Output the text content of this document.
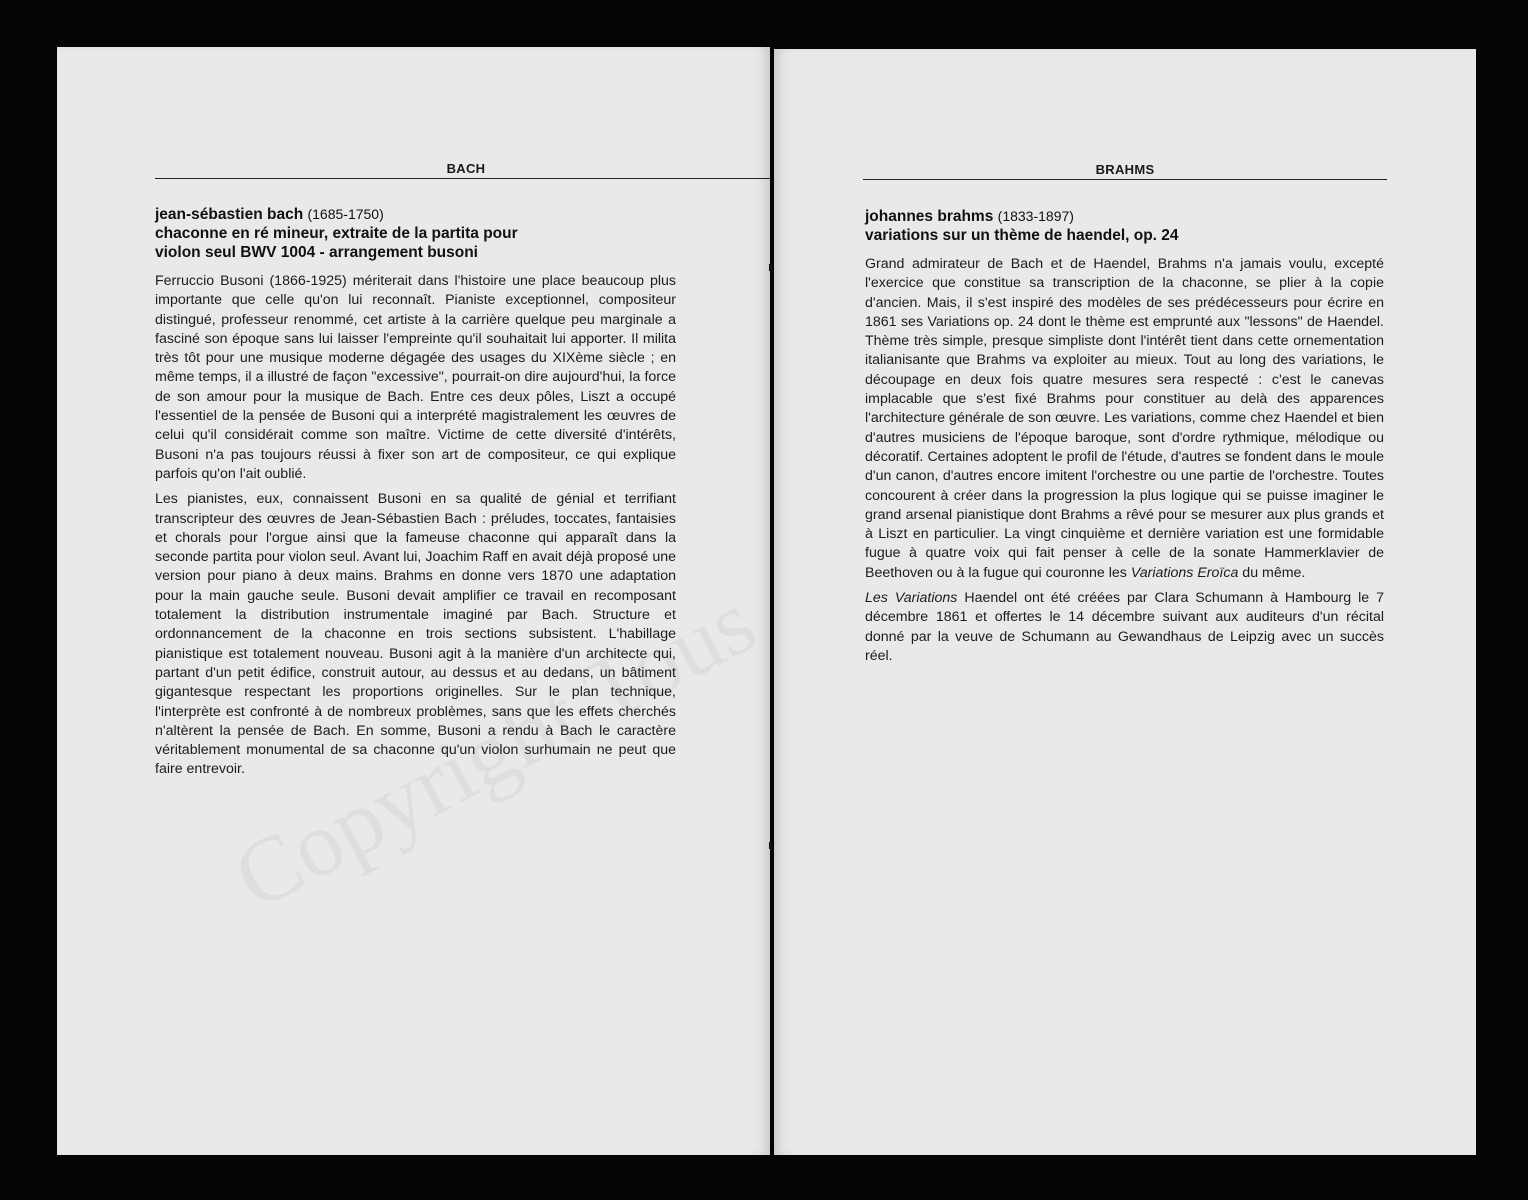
BACH
jean-sébastien bach (1685-1750)
chaconne en ré mineur, extraite de la partita pour
violon seul BWV 1004 - arrangement busoni

Ferruccio Busoni (1866-1925) mériterait dans l'histoire une place beaucoup plus importante que celle qu'on lui reconnaît. Pianiste exceptionnel, compositeur distingué, professeur renommé, cet artiste à la carrière quelque peu marginale a fasciné son époque sans lui laisser l'empreinte qu'il souhaitait lui apporter. Il milita très tôt pour une musique moderne dégagée des usages du XIXème siècle ; en même temps, il a illustré de façon "excessive", pourrait-on dire aujourd'hui, la force de son amour pour la musique de Bach. Entre ces deux pôles, Liszt a occupé l'essentiel de la pensée de Busoni qui a interprété magistralement les œuvres de celui qu'il considérait comme son maître. Victime de cette diversité d'intérêts, Busoni n'a pas toujours réussi à fixer son art de compositeur, ce qui explique parfois qu'on l'ait oublié.

Les pianistes, eux, connaissent Busoni en sa qualité de génial et terrifiant transcripteur des œuvres de Jean-Sébastien Bach : préludes, toccates, fantaisies et chorals pour l'orgue ainsi que la fameuse chaconne qui apparaît dans la seconde partita pour violon seul. Avant lui, Joachim Raff en avait déjà proposé une version pour piano à deux mains. Brahms en donne vers 1870 une adaptation pour la main gauche seule. Busoni devait amplifier ce travail en recomposant totalement la distribution instrumentale imaginé par Bach. Structure et ordonnancement de la chaconne en trois sections subsistent. L'habillage pianistique est totalement nouveau. Busoni agit à la manière d'un architecte qui, partant d'un petit édifice, construit autour, au dessus et au dedans, un bâtiment gigantesque respectant les proportions originelles. Sur le plan technique, l'interprète est confronté à de nombreux problèmes, sans que les effets cherchés n'altèrent la pensée de Bach. En somme, Busoni a rendu à Bach le caractère véritablement monumental de sa chaconne qu'un violon surhumain ne peut que faire entrevoir.

BRAHMS
johannes brahms (1833-1897)
variations sur un thème de haendel, op. 24

Grand admirateur de Bach et de Haendel, Brahms n'a jamais voulu, excepté l'exercice que constitue sa transcription de la chaconne, se plier à la copie d'ancien. Mais, il s'est inspiré des modèles de ses prédécesseurs pour écrire en 1861 ses Variations op. 24 dont le thème est emprunté aux "lessons" de Haendel. Thème très simple, presque simpliste dont l'intérêt tient dans cette ornementation italianisante que Brahms va exploiter au mieux. Tout au long des variations, le découpage en deux fois quatre mesures sera respecté : c'est le canevas implacable que s'est fixé Brahms pour constituer au delà des apparences l'architecture générale de son œuvre. Les variations, comme chez Haendel et bien d'autres musiciens de l'époque baroque, sont d'ordre rythmique, mélodique ou décoratif. Certaines adoptent le profil de l'étude, d'autres se fondent dans le moule d'un canon, d'autres encore imitent l'orchestre ou une partie de l'orchestre. Toutes concourent à créer dans la progression la plus logique qui se puisse imaginer le grand arsenal pianistique dont Brahms a rêvé pour se mesurer aux plus grands et à Liszt en particulier. La vingt cinquième et dernière variation est une formidable fugue à quatre voix qui fait penser à celle de la sonate Hammerklavier de Beethoven ou à la fugue qui couronne les Variations Eroïca du même.

Les Variations Haendel ont été créées par Clara Schumann à Hambourg le 7 décembre 1861 et offertes le 14 décembre suivant aux auditeurs d'un récital donné par la veuve de Schumann au Gewandhaus de Leipzig avec un succès réel.
